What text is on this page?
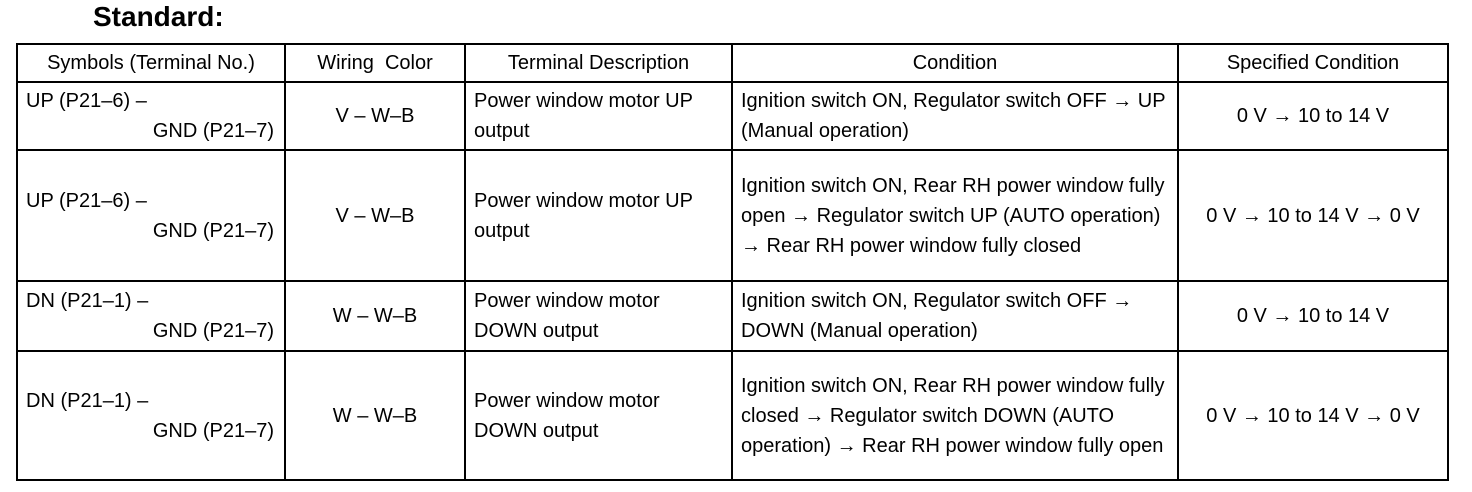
Standard:
Symbols (Terminal No.)	Wiring  Color	Terminal Description	Condition	Specified Condition

UP (P21–6) –
GND (P21–7)	V – W–B	Power window motor UP output	Ignition switch ON, Regulator switch OFF → UP (Manual operation)	0 V → 10 to 14 V

UP (P21–6) –
GND (P21–7)	V – W–B	Power window motor UP output	Ignition switch ON, Rear RH power window fully open → Regulator switch UP (AUTO operation) → Rear RH power window fully closed	0 V → 10 to 14 V → 0 V

DN (P21–1) –
GND (P21–7)	W – W–B	Power window motor DOWN output	Ignition switch ON, Regulator switch OFF → DOWN (Manual operation)	0 V → 10 to 14 V

DN (P21–1) –
GND (P21–7)	W – W–B	Power window motor DOWN output	Ignition switch ON, Rear RH power window fully closed → Regulator switch DOWN (AUTO operation) → Rear RH power window fully open	0 V → 10 to 14 V → 0 V
